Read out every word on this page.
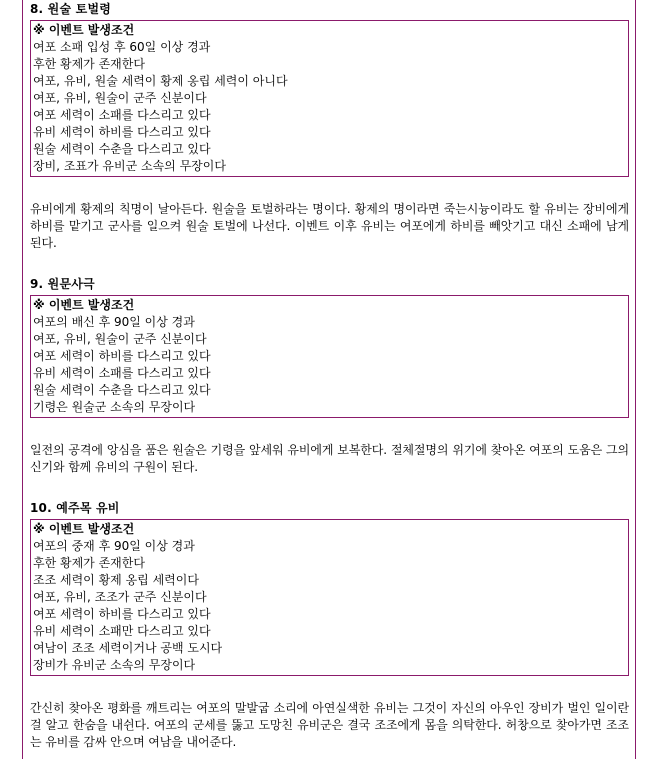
8. 원술 토벌령

※ 이벤트 발생조건
여포 소패 입성 후 60일 이상 경과
후한 황제가 존재한다
여포, 유비, 원술 세력이 황제 옹립 세력이 아니다
여포, 유비, 원술이 군주 신분이다
여포 세력이 소패를 다스리고 있다
유비 세력이 하비를 다스리고 있다
원술 세력이 수춘을 다스리고 있다
장비, 조표가 유비군 소속의 무장이다

유비에게 황제의 칙명이 날아든다. 원술을 토벌하라는 명이다. 황제의 명이라면 죽는시늉이라도 할 유비는 장비에게 하비를 맡기고 군사를 일으켜 원술 토벌에 나선다. 이벤트 이후 유비는 여포에게 하비를 빼앗기고 대신 소패에 남게 된다.

9. 원문사극

※ 이벤트 발생조건
여포의 배신 후 90일 이상 경과
여포, 유비, 원술이 군주 신분이다
여포 세력이 하비를 다스리고 있다
유비 세력이 소패를 다스리고 있다
원술 세력이 수춘을 다스리고 있다
기령은 원술군 소속의 무장이다

일전의 공격에 앙심을 품은 원술은 기령을 앞세워 유비에게 보복한다. 절체절명의 위기에 찾아온 여포의 도움은 그의 신기와 함께 유비의 구원이 된다.

10. 예주목 유비

※ 이벤트 발생조건
여포의 중재 후 90일 이상 경과
후한 황제가 존재한다
조조 세력이 황제 옹립 세력이다
여포, 유비, 조조가 군주 신분이다
여포 세력이 하비를 다스리고 있다
유비 세력이 소패만 다스리고 있다
여남이 조조 세력이거나 공백 도시다
장비가 유비군 소속의 무장이다

간신히 찾아온 평화를 깨트리는 여포의 말발굽 소리에 아연실색한 유비는 그것이 자신의 아우인 장비가 벌인 일이란 걸 알고 한숨을 내쉰다. 여포의 군세를 뚫고 도망친 유비군은 결국 조조에게 몸을 의탁한다. 허창으로 찾아가면 조조는 유비를 감싸 안으며 여남을 내어준다.
